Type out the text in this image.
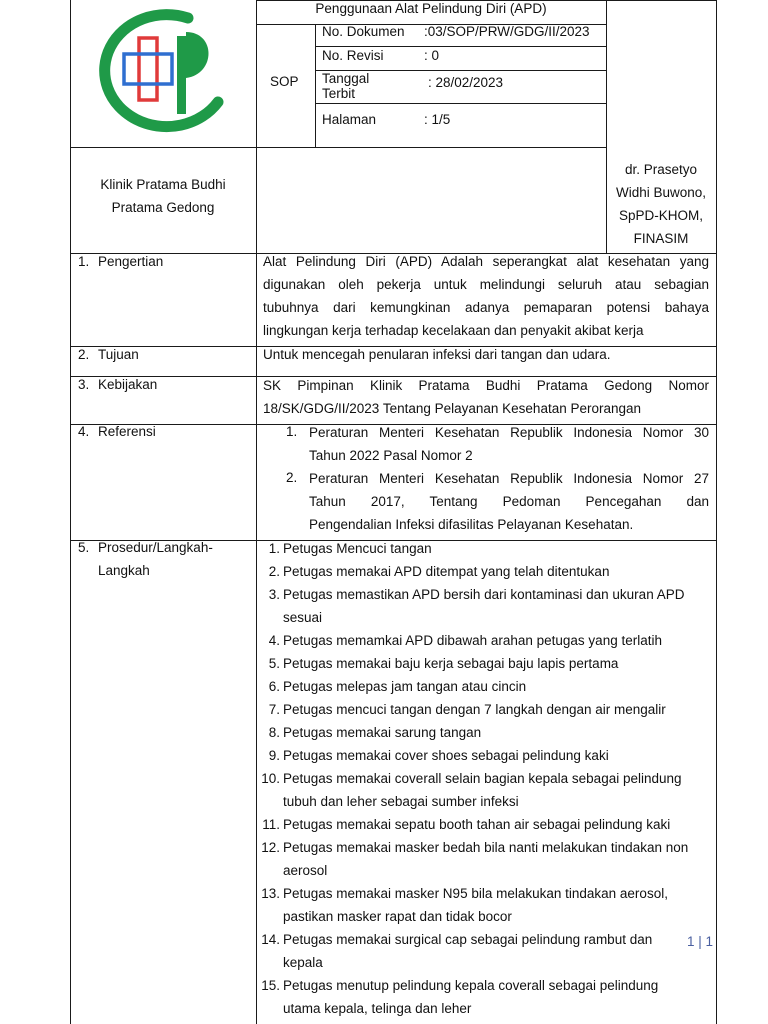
Penggunaan Alat Pelindung Diri (APD)
SOP
No. Dokumen :03/SOP/PRW/GDG/II/2023
No. Revisi	: 0
Tanggal
Terbit
: 28/02/2023
Halaman	: 1/5
Klinik Pratama Budhi
Pratama Gedong
dr. Prasetyo
Widhi Buwono,
SpPD-KHOM,
FINASIM
1. Pengertian	Alat Pelindung Diri (APD) Adalah seperangkat alat kesehatan yang
digunakan oleh pekerja untuk melindungi seluruh atau sebagian
tubuhnya dari kemungkinan adanya pemaparan potensi bahaya
lingkungan kerja terhadap kecelakaan dan penyakit akibat kerja
2. Tujuan	Untuk mencegah penularan infeksi dari tangan dan udara.
3. Kebijakan	SK Pimpinan Klinik Pratama Budhi Pratama Gedong Nomor
18/SK/GDG/II/2023 Tentang Pelayanan Kesehatan Perorangan
4. Referensi	1. Peraturan Menteri Kesehatan Republik Indonesia Nomor 30
Tahun 2022 Pasal Nomor 2
2. Peraturan Menteri Kesehatan Republik Indonesia Nomor 27
Tahun 2017, Tentang Pedoman Pencegahan dan
Pengendalian Infeksi difasilitas Pelayanan Kesehatan.
5. Prosedur/Langkah-
Langkah
1. Petugas Mencuci tangan
2. Petugas memakai APD ditempat yang telah ditentukan
3. Petugas memastikan APD bersih dari kontaminasi dan ukuran APD
sesuai
4. Petugas memamkai APD dibawah arahan petugas yang terlatih
5. Petugas memakai baju kerja sebagai baju lapis pertama
6. Petugas melepas jam tangan atau cincin
7. Petugas mencuci tangan dengan 7 langkah dengan air mengalir
8. Petugas memakai sarung tangan
9. Petugas memakai cover shoes sebagai pelindung kaki
10. Petugas memakai coverall selain bagian kepala sebagai pelindung
tubuh dan leher sebagai sumber infeksi
11. Petugas memakai sepatu booth tahan air sebagai pelindung kaki
12. Petugas memakai masker bedah bila nanti melakukan tindakan non
aerosol
13. Petugas memakai masker N95 bila melakukan tindakan aerosol,
pastikan masker rapat dan tidak bocor
14. Petugas memakai surgical cap sebagai pelindung rambut dan
kepala
15. Petugas menutup pelindung kepala coverall sebagai pelindung
utama kepala, telinga dan leher
1 | 1
